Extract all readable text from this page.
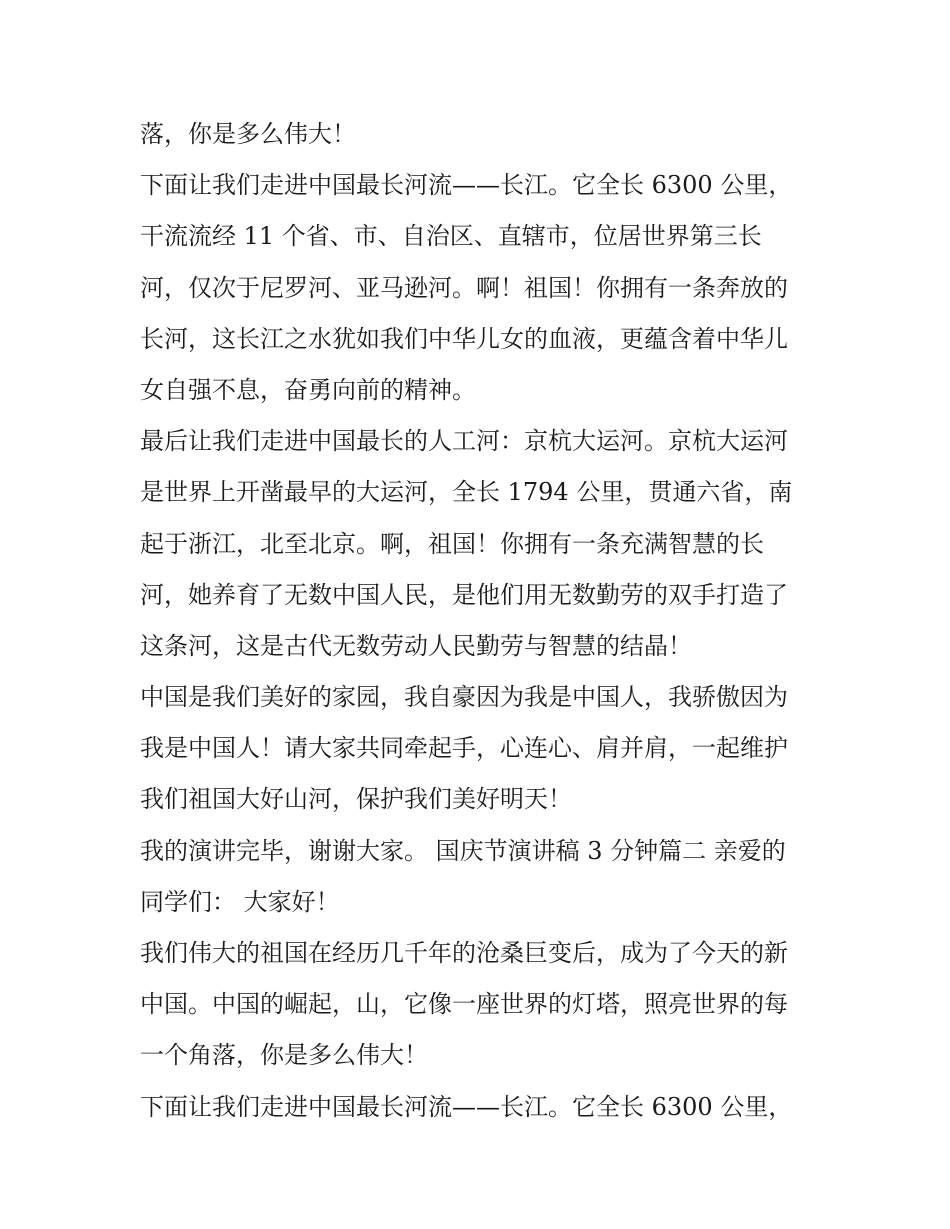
落，你是多么伟大！
下面让我们走进中国最长河流——长江。它全长 6300 公里，
干流流经 11 个省、市、自治区、直辖市，位居世界第三长
河，仅次于尼罗河、亚马逊河。啊！祖国！你拥有一条奔放的
长河，这长江之水犹如我们中华儿女的血液，更蕴含着中华儿
女自强不息，奋勇向前的精神。
最后让我们走进中国最长的人工河：京杭大运河。京杭大运河
是世界上开凿最早的大运河，全长 1794 公里，贯通六省，南
起于浙江，北至北京。啊，祖国！你拥有一条充满智慧的长
河，她养育了无数中国人民，是他们用无数勤劳的双手打造了
这条河，这是古代无数劳动人民勤劳与智慧的结晶！
中国是我们美好的家园，我自豪因为我是中国人，我骄傲因为
我是中国人！请大家共同牵起手，心连心、肩并肩，一起维护
我们祖国大好山河，保护我们美好明天！
我的演讲完毕，谢谢大家。 国庆节演讲稿 3 分钟篇二 亲爱的
同学们： 大家好！
我们伟大的祖国在经历几千年的沧桑巨变后，成为了今天的新
中国。中国的崛起，山，它像一座世界的灯塔，照亮世界的每
一个角落，你是多么伟大！
下面让我们走进中国最长河流——长江。它全长 6300 公里，
